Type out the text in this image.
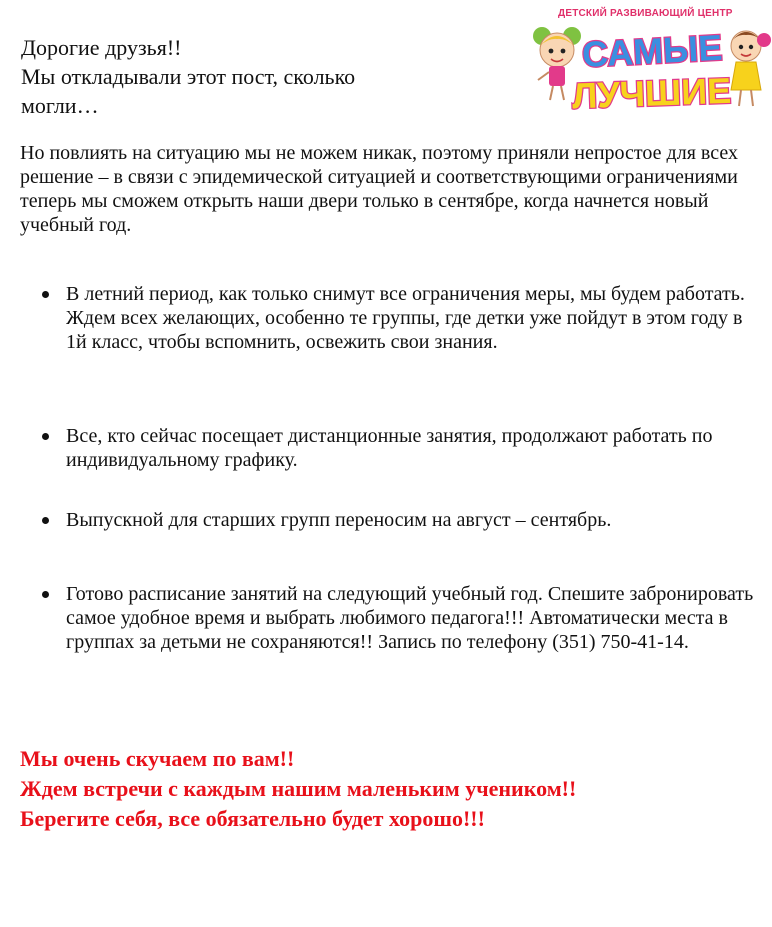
Дорогие друзья!!
Мы откладывали этот пост, сколько
могли…
ДЕТСКИЙ РАЗВИВАЮЩИЙ ЦЕНТР
САМЫЕ
ЛУЧШИЕ
Но повлиять на ситуацию мы не можем никак, поэтому приняли непростое для всех решение – в связи с эпидемической ситуацией и соответствующими ограничениями теперь мы сможем открыть наши двери только в сентябре, когда начнется новый учебный год.
В летний период, как только снимут все ограничения меры, мы будем работать. Ждем всех желающих, особенно те группы, где детки уже пойдут в этом году в 1й класс, чтобы вспомнить, освежить свои знания.
Все, кто сейчас посещает дистанционные занятия, продолжают работать по индивидуальному графику.
Выпускной для старших групп переносим на август – сентябрь.
Готово расписание занятий на следующий учебный год. Спешите забронировать самое удобное время и выбрать любимого педагога!!! Автоматически места в группах за детьми не сохраняются!! Запись по телефону (351) 750-41-14.
Мы очень скучаем по вам!!
Ждем встречи с каждым нашим маленьким учеником!!
Берегите себя, все обязательно будет хорошо!!!
